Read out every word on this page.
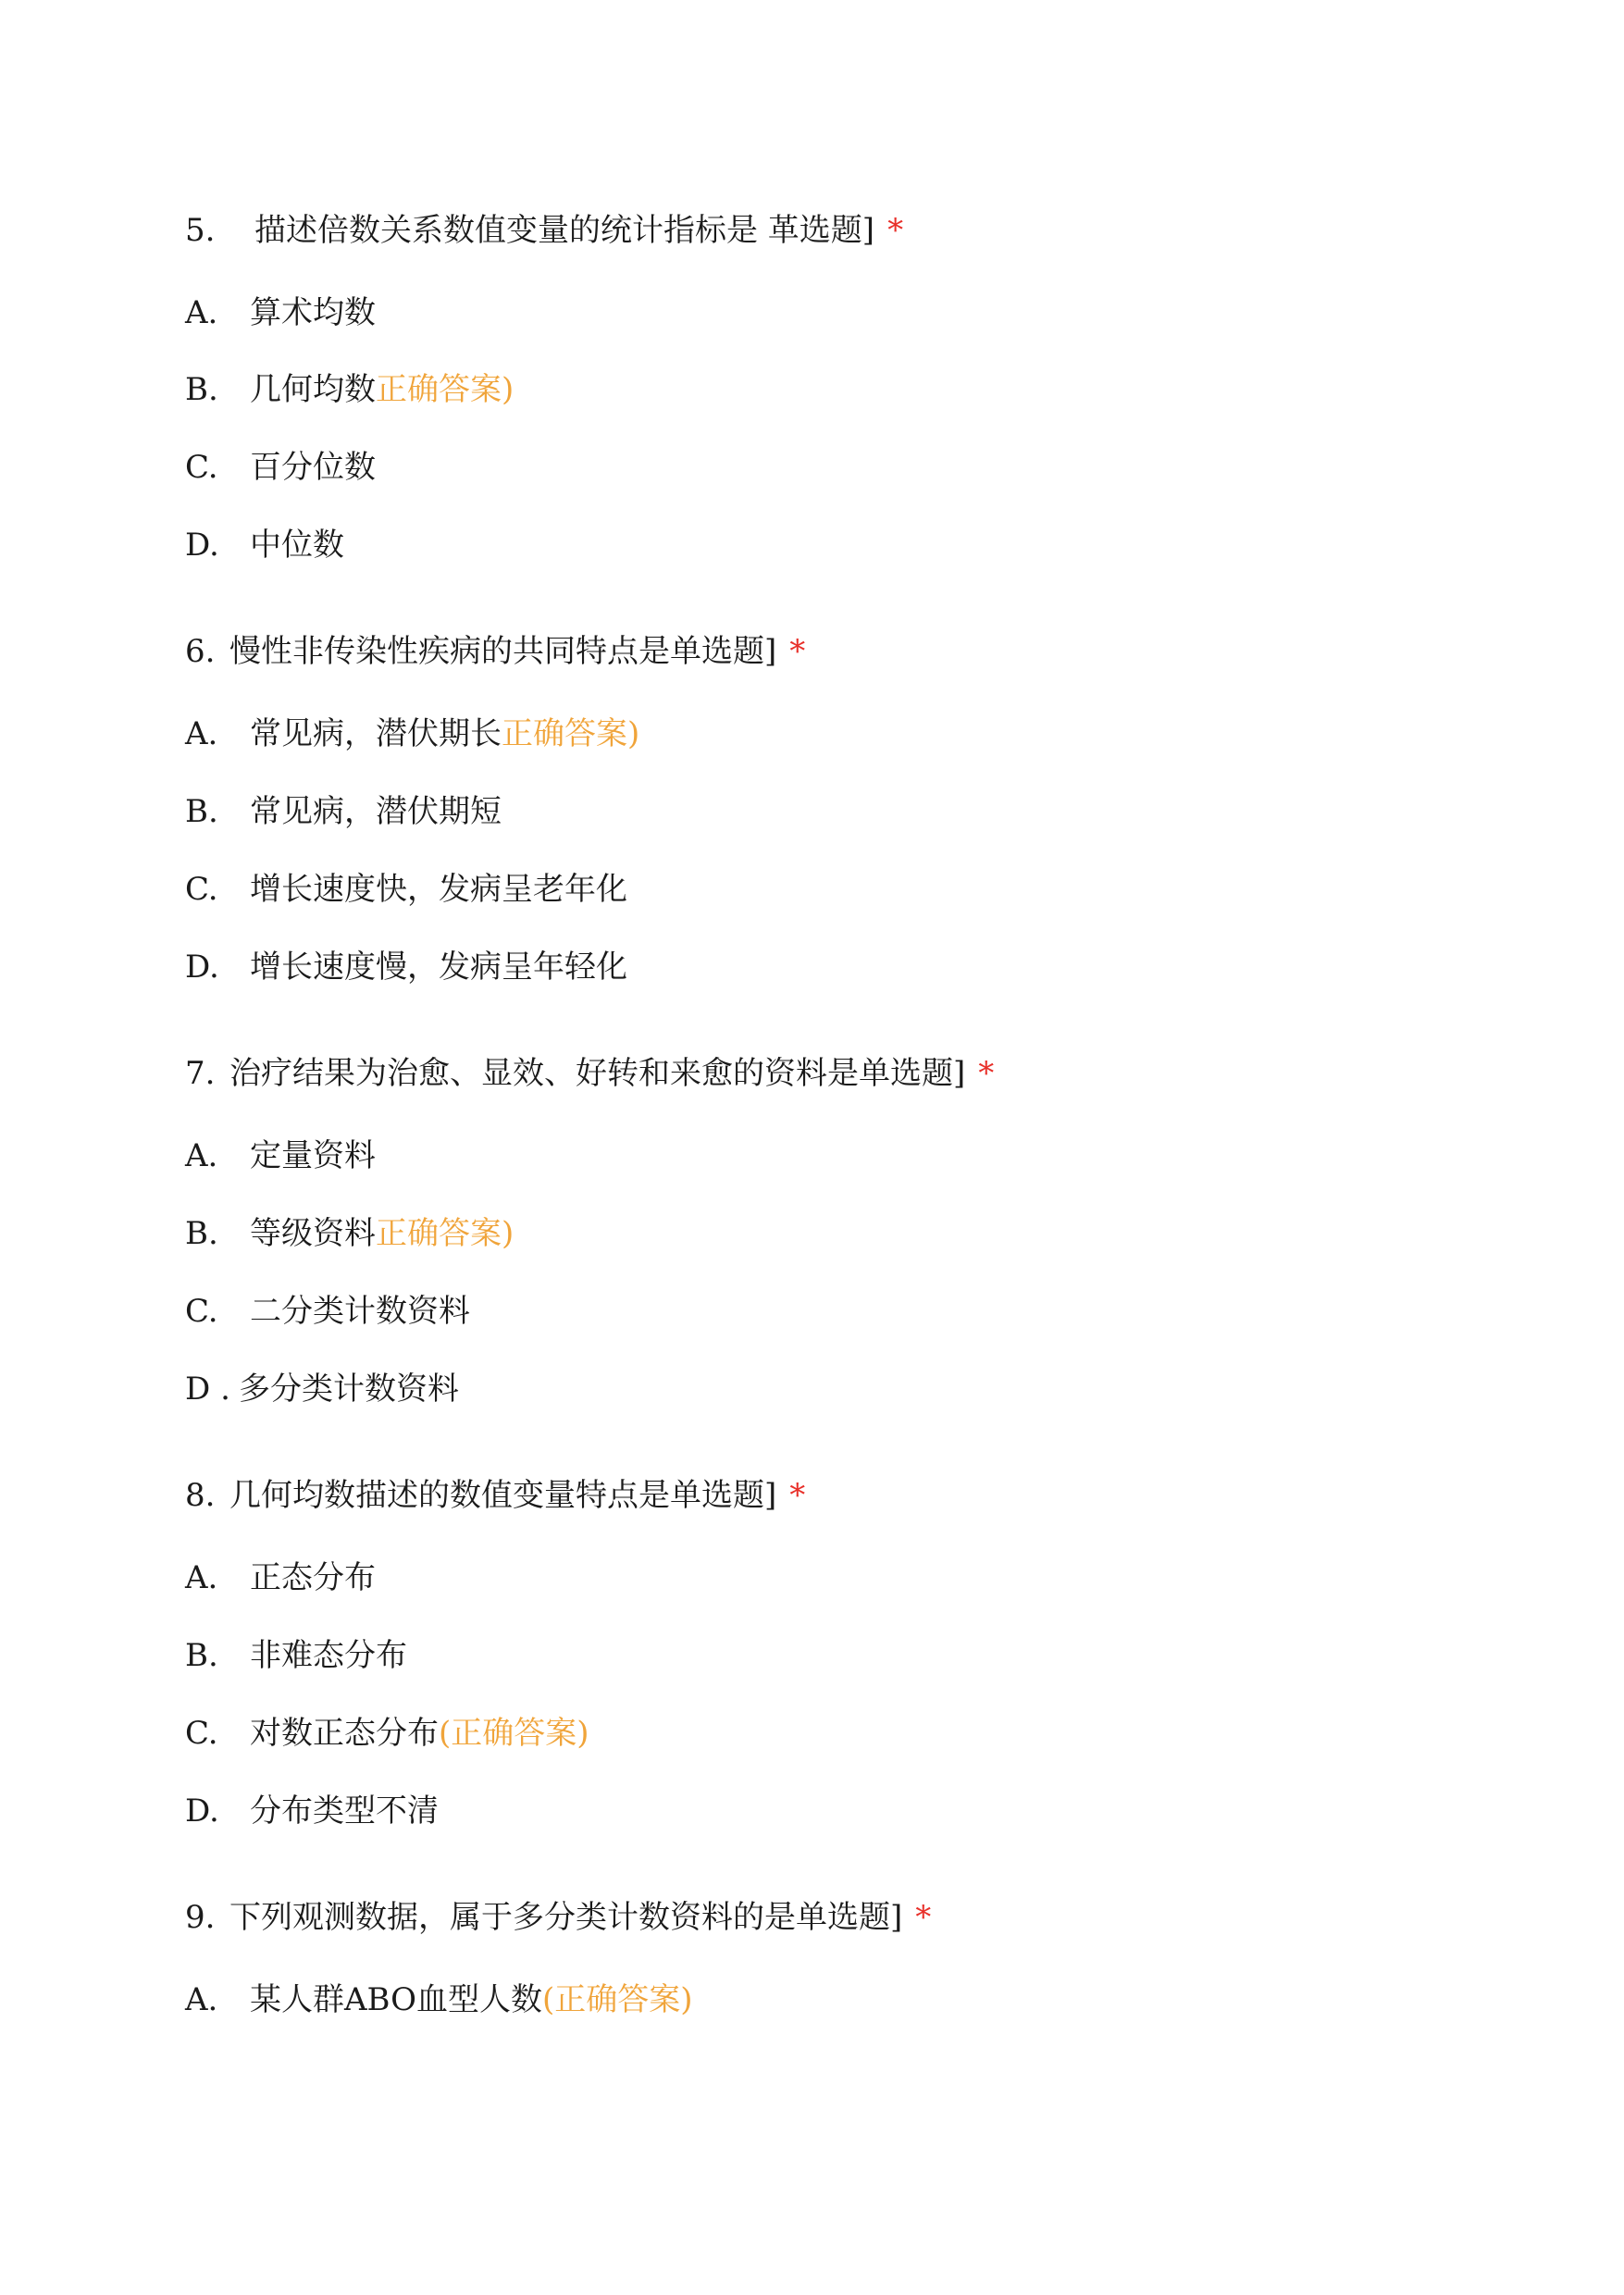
5. 描述倍数关系数值变量的统计指标是 革选题] *
A. 算术均数
B. 几何均数正确答案)
C. 百分位数
D. 中位数
6. 慢性非传染性疾病的共同特点是单选题] *
A. 常见病，潜伏期长正确答案)
B. 常见病，潜伏期短
C. 增长速度快，发病呈老年化
D. 增长速度慢，发病呈年轻化
7. 治疗结果为治愈、显效、好转和来愈的资料是单选题] *
A. 定量资料
B. 等级资料正确答案)
C. 二分类计数资料
D . 多分类计数资料
8. 几何均数描述的数值变量特点是单选题] *
A. 正态分布
B. 非难态分布
C. 对数正态分布(正确答案)
D. 分布类型不清
9. 下列观测数据，属于多分类计数资料的是单选题] *
A. 某人群ABO血型人数(正确答案)
